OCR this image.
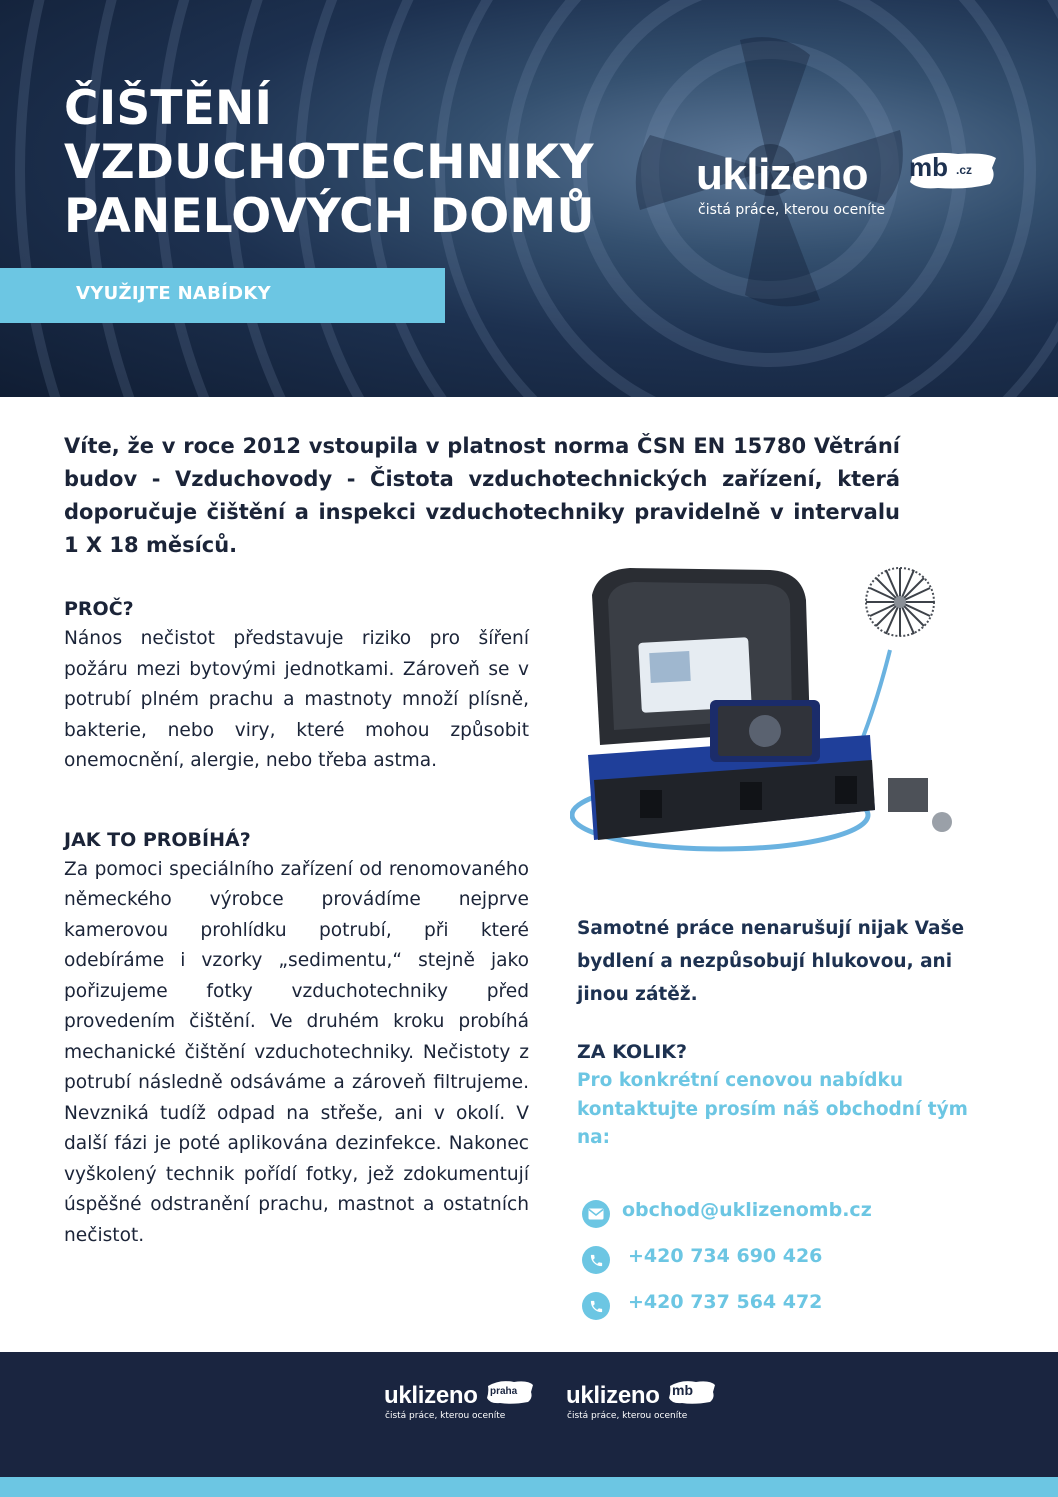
ČIŠTĚNÍ
VZDUCHOTECHNIKY
PANELOVÝCH DOMŮ
VYUŽIJTE NABÍDKY
uklizeno mb .cz
čistá práce, kterou oceníte

Víte, že v roce 2012 vstoupila v platnost norma ČSN EN 15780 Větrání budov - Vzduchovody - Čistota vzduchotechnických zařízení, která doporučuje čištění a inspekci vzduchotechniky pravidelně v intervalu 1 X 18 měsíců.

PROČ?

Nános nečistot představuje riziko pro šíření požáru mezi bytovými jednotkami. Zároveň se v potrubí plném prachu a mastnoty množí plísně, bakterie, nebo viry, které mohou způsobit onemocnění, alergie, nebo třeba astma.

JAK TO PROBÍHÁ?

Za pomoci speciálního zařízení od renomovaného německého výrobce provádíme nejprve kamerovou prohlídku potrubí, při které odebíráme i vzorky „sedimentu,“ stejně jako pořizujeme fotky vzduchotechniky před provedením čištění. Ve druhém kroku probíhá mechanické čištění vzduchotechniky. Nečistoty z potrubí následně odsáváme a zároveň filtrujeme. Nevzniká tudíž odpad na střeše, ani v okolí. V další fázi je poté aplikována dezinfekce. Nakonec vyškolený technik pořídí fotky, jež zdokumentují úspěšné odstranění prachu, mastnot a ostatních nečistot.

Samotné práce nenarušují nijak Vaše bydlení a nezpůsobují hlukovou, ani jinou zátěž.

ZA KOLIK?

Pro konkrétní cenovou nabídku kontaktujte prosím náš obchodní tým na:

obchod@uklizenomb.cz
+420 734 690 426
+420 737 564 472
uklizeno praha
čistá práce, kterou oceníte
uklizeno mb
čistá práce, kterou oceníte
